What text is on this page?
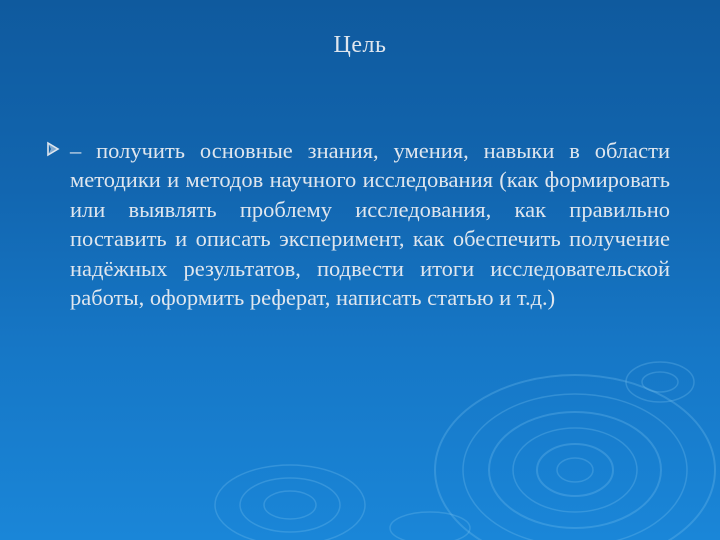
Цель
– получить основные знания, умения, навыки в области методики и методов научного исследования (как формировать или выявлять проблему исследования, как правильно поставить и описать эксперимент, как обеспечить получение надёжных результатов, подвести итоги исследовательской работы, оформить реферат, написать статью и т.д.)
